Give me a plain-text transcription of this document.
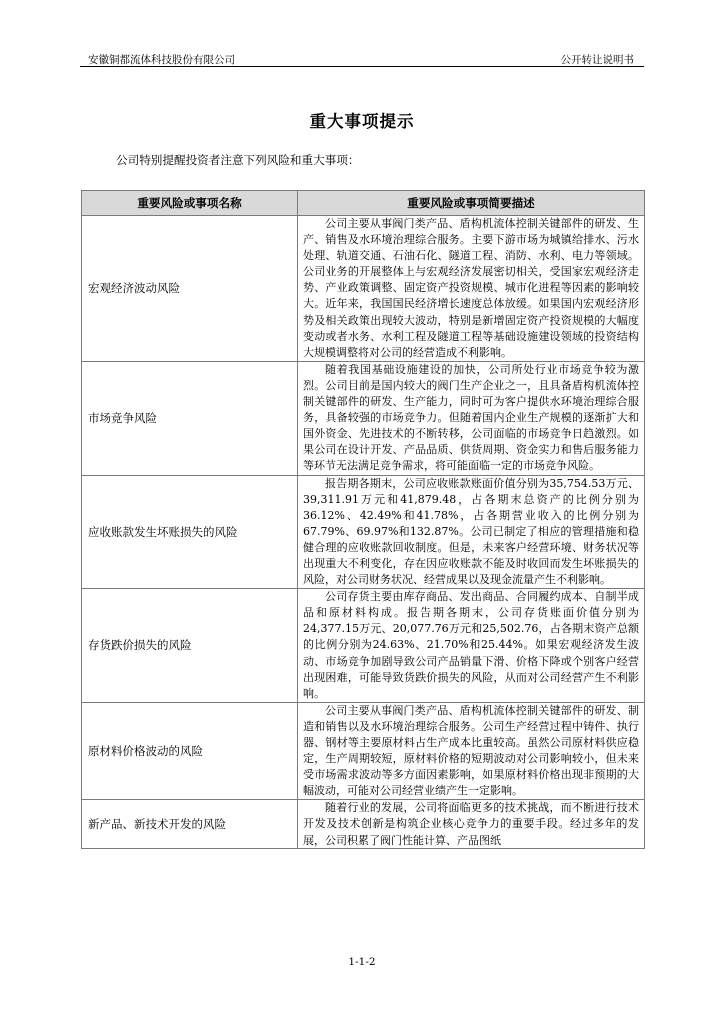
安徽铜都流体科技股份有限公司	公开转让说明书
重大事项提示
公司特别提醒投资者注意下列风险和重大事项：
重要风险或事项名称	重要风险或事项简要描述
宏观经济波动风险	公司主要从事阀门类产品、盾构机流体控制关键部件的研发、生产、销售及水环境治理综合服务。主要下游市场为城镇给排水、污水处理、轨道交通、石油石化、隧道工程、消防、水利、电力等领域。公司业务的开展整体上与宏观经济发展密切相关，受国家宏观经济走势、产业政策调整、固定资产投资规模、城市化进程等因素的影响较大。近年来，我国国民经济增长速度总体放缓。如果国内宏观经济形势及相关政策出现较大波动，特别是新增固定资产投资规模的大幅度变动或者水务、水利工程及隧道工程等基础设施建设领域的投资结构大规模调整将对公司的经营造成不利影响。
市场竞争风险	随着我国基础设施建设的加快，公司所处行业市场竞争较为激烈。公司目前是国内较大的阀门生产企业之一，且具备盾构机流体控制关键部件的研发、生产能力，同时可为客户提供水环境治理综合服务，具备较强的市场竞争力。但随着国内企业生产规模的逐渐扩大和国外资金、先进技术的不断转移，公司面临的市场竞争日趋激烈。如果公司在设计开发、产品品质、供货周期、资金实力和售后服务能力等环节无法满足竞争需求，将可能面临一定的市场竞争风险。
应收账款发生坏账损失的风险	报告期各期末，公司应收账款账面价值分别为35,754.53万元、39,311.91万元和41,879.48，占各期末总资产的比例分别为36.12%、42.49%和41.78%，占各期营业收入的比例分别为67.79%、69.97%和132.87%。公司已制定了相应的管理措施和稳健合理的应收账款回收制度。但是，未来客户经营环境、财务状况等出现重大不利变化，存在因应收账款不能及时收回而发生坏账损失的风险，对公司财务状况、经营成果以及现金流量产生不利影响。
存货跌价损失的风险	公司存货主要由库存商品、发出商品、合同履约成本、自制半成品和原材料构成。报告期各期末，公司存货账面价值分别为24,377.15万元、20,077.76万元和25,502.76，占各期末资产总额的比例分别为24.63%、21.70%和25.44%。如果宏观经济发生波动、市场竞争加剧导致公司产品销量下滑、价格下降或个别客户经营出现困难，可能导致货跌价损失的风险，从而对公司经营产生不利影响。
原材料价格波动的风险	公司主要从事阀门类产品、盾构机流体控制关键部件的研发、制造和销售以及水环境治理综合服务。公司生产经营过程中铸件、执行器、钢材等主要原材料占生产成本比重较高。虽然公司原材料供应稳定，生产周期较短，原材料价格的短期波动对公司影响较小，但未来受市场需求波动等多方面因素影响，如果原材料价格出现非预期的大幅波动，可能对公司经营业绩产生一定影响。
新产品、新技术开发的风险	随着行业的发展，公司将面临更多的技术挑战，而不断进行技术开发及技术创新是构筑企业核心竞争力的重要手段。经过多年的发展，公司积累了阀门性能计算、产品图纸
1-1-2
